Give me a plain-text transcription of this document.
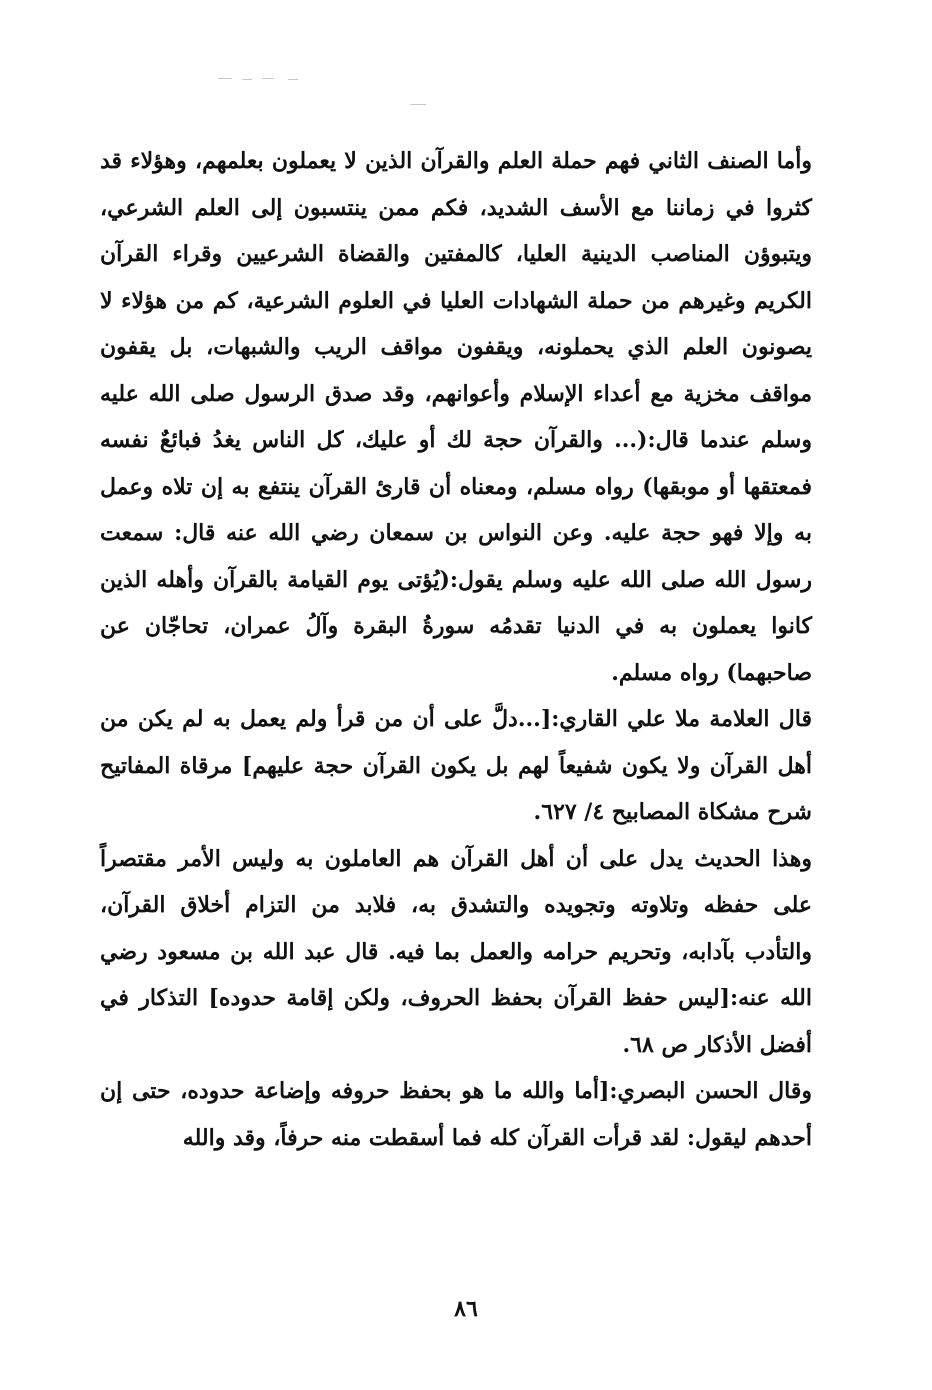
وأما الصنف الثاني فهم حملة العلم والقرآن الذين لا يعملون بعلمهم، وهؤلاء قد كثروا في زماننا مع الأسف الشديد، فكم ممن ينتسبون إلى العلم الشرعي، ويتبوؤن المناصب الدينية العليا، كالمفتين والقضاة الشرعيين وقراء القرآن الكريم وغيرهم من حملة الشهادات العليا في العلوم الشرعية، كم من هؤلاء لا يصونون العلم الذي يحملونه، ويقفون مواقف الريب والشبهات، بل يقفون مواقف مخزية مع أعداء الإسلام وأعوانهم، وقد صدق الرسول صلى الله عليه وسلم عندما قال:(... والقرآن حجة لك أو عليك، كل الناس يغدُ فبائعٌ نفسه فمعتقها أو موبقها) رواه مسلم، ومعناه أن قارئ القرآن ينتفع به إن تلاه وعمل به وإلا فهو حجة عليه. وعن النواس بن سمعان رضي الله عنه قال: سمعت رسول الله صلى الله عليه وسلم يقول:(يُؤتى يوم القيامة بالقرآن وأهله الذين كانوا يعملون به في الدنيا تقدمُه سورةُ البقرة وآلُ عمران، تحاجّان عن صاحبهما) رواه مسلم.

قال العلامة ملا علي القاري:[...دلَّ على أن من قرأ ولم يعمل به لم يكن من أهل القرآن ولا يكون شفيعاً لهم بل يكون القرآن حجة عليهم] مرقاة المفاتيح شرح مشكاة المصابيح ٤/ ٦٢٧.

وهذا الحديث يدل على أن أهل القرآن هم العاملون به وليس الأمر مقتصراً على حفظه وتلاوته وتجويده والتشدق به، فلابد من التزام أخلاق القرآن، والتأدب بآدابه، وتحريم حرامه والعمل بما فيه. قال عبد الله بن مسعود رضي الله عنه:[ليس حفظ القرآن بحفظ الحروف، ولكن إقامة حدوده] التذكار في أفضل الأذكار ص ٦٨.

وقال الحسن البصري:[أما والله ما هو بحفظ حروفه وإضاعة حدوده، حتى إن أحدهم ليقول: لقد قرأت القرآن كله فما أسقطت منه حرفاً، وقد والله

٨٦
